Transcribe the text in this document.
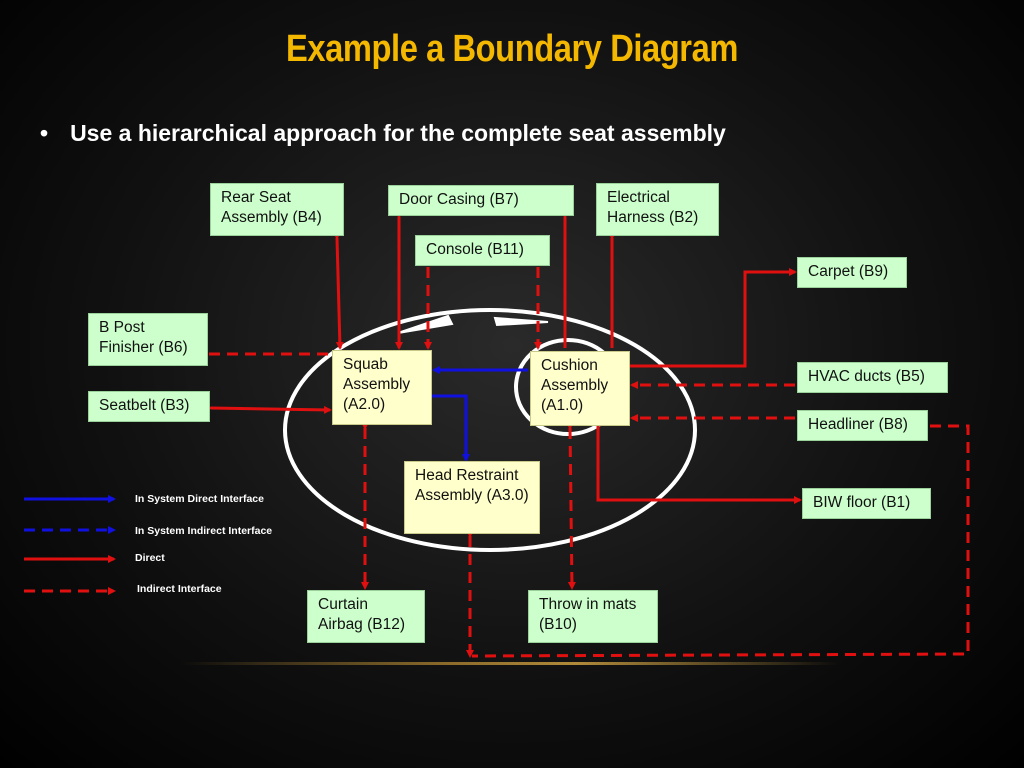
Example a Boundary Diagram
• Use a hierarchical approach for the complete seat assembly
Rear Seat Assembly (B4)
Door Casing (B7)	Electrical Harness (B2)
Console (B11)
Carpet (B9)
B Post Finisher (B6)
Seatbelt (B3)
Squab Assembly (A2.0)
Cushion Assembly (A1.0)
HVAC ducts (B5)
Headliner (B8)
Head Restraint Assembly (A3.0)	BIW floor (B1)
Curtain Airbag (B12)
Throw in mats (B10)
In System Direct Interface
In System Indirect Interface
Direct
Indirect Interface
